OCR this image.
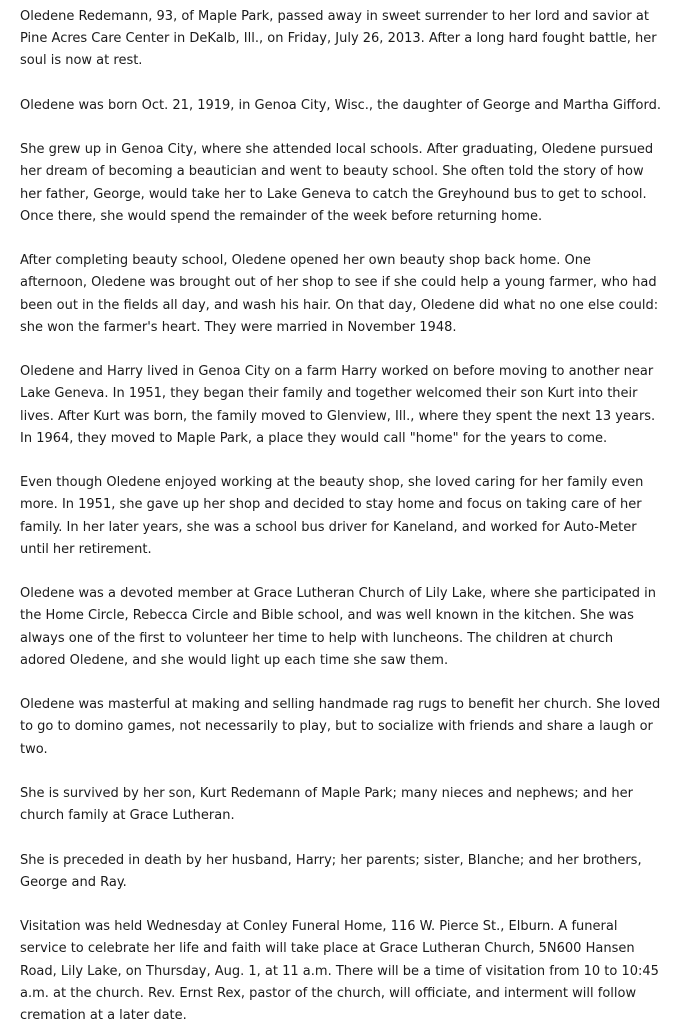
Oledene Redemann, 93, of Maple Park, passed away in sweet surrender to her lord and savior at Pine Acres Care Center in DeKalb, Ill., on Friday, July 26, 2013. After a long hard fought battle, her soul is now at rest.

Oledene was born Oct. 21, 1919, in Genoa City, Wisc., the daughter of George and Martha Gifford.

She grew up in Genoa City, where she attended local schools. After graduating, Oledene pursued her dream of becoming a beautician and went to beauty school. She often told the story of how her father, George, would take her to Lake Geneva to catch the Greyhound bus to get to school. Once there, she would spend the remainder of the week before returning home.

After completing beauty school, Oledene opened her own beauty shop back home. One afternoon, Oledene was brought out of her shop to see if she could help a young farmer, who had been out in the fields all day, and wash his hair. On that day, Oledene did what no one else could: she won the farmer's heart. They were married in November 1948.

Oledene and Harry lived in Genoa City on a farm Harry worked on before moving to another near Lake Geneva. In 1951, they began their family and together welcomed their son Kurt into their lives. After Kurt was born, the family moved to Glenview, Ill., where they spent the next 13 years. In 1964, they moved to Maple Park, a place they would call "home" for the years to come.

Even though Oledene enjoyed working at the beauty shop, she loved caring for her family even more. In 1951, she gave up her shop and decided to stay home and focus on taking care of her family. In her later years, she was a school bus driver for Kaneland, and worked for Auto-Meter until her retirement.

Oledene was a devoted member at Grace Lutheran Church of Lily Lake, where she participated in the Home Circle, Rebecca Circle and Bible school, and was well known in the kitchen. She was always one of the first to volunteer her time to help with luncheons. The children at church adored Oledene, and she would light up each time she saw them.

Oledene was masterful at making and selling handmade rag rugs to benefit her church. She loved to go to domino games, not necessarily to play, but to socialize with friends and share a laugh or two.

She is survived by her son, Kurt Redemann of Maple Park; many nieces and nephews; and her church family at Grace Lutheran.

She is preceded in death by her husband, Harry; her parents; sister, Blanche; and her brothers, George and Ray.

Visitation was held Wednesday at Conley Funeral Home, 116 W. Pierce St., Elburn. A funeral service to celebrate her life and faith will take place at Grace Lutheran Church, 5N600 Hansen Road, Lily Lake, on Thursday, Aug. 1, at 11 a.m. There will be a time of visitation from 10 to 10:45 a.m. at the church. Rev. Ernst Rex, pastor of the church, will officiate, and interment will follow cremation at a later date.
